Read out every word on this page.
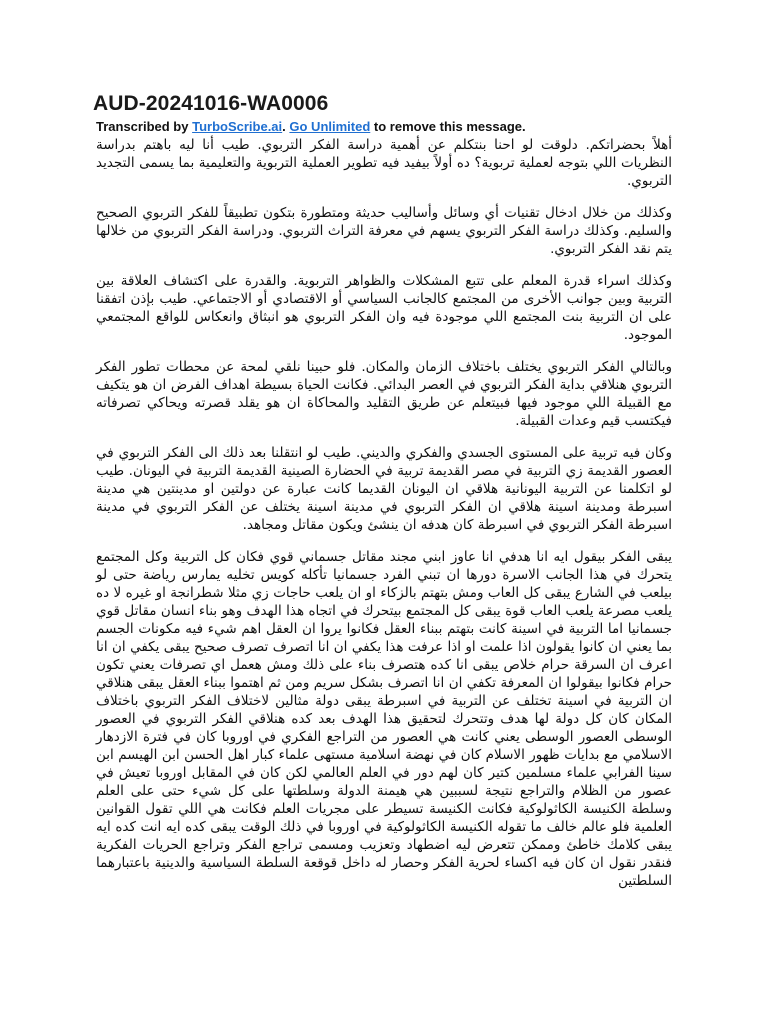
AUD-20241016-WA0006
Transcribed by TurboScribe.ai. Go Unlimited to remove this message.

أهلاً بحضراتكم. دلوقت لو احنا بنتكلم عن أهمية دراسة الفكر التربوي. طيب أنا ليه باهتم بدراسة النظريات اللي بتوجه لعملية تربوية؟ ده أولاً بيفيد فيه تطوير العملية التربوية والتعليمية بما يسمى التجديد التربوي.

وكذلك من خلال ادخال تقنيات أي وسائل وأساليب حديثة ومتطورة بتكون تطبيقاً للفكر التربوي الصحيح والسليم. وكذلك دراسة الفكر التربوي يسهم في معرفة التراث التربوي. ودراسة الفكر التربوي من خلالها يتم نقد الفكر التربوي.

وكذلك اسراء قدرة المعلم على تتبع المشكلات والظواهر التربوية. والقدرة على اكتشاف العلاقة بين التربية وبين جوانب الأخرى من المجتمع كالجانب السياسي أو الاقتصادي أو الاجتماعي. طيب بإذن اتفقنا على ان التربية بنت المجتمع اللي موجودة فيه وان الفكر التربوي هو انبثاق وانعكاس للواقع المجتمعي الموجود.

وبالتالي الفكر التربوي يختلف باختلاف الزمان والمكان. فلو حبينا نلقي لمحة عن محطات تطور الفكر التربوي هنلاقي بداية الفكر التربوي في العصر البدائي. فكانت الحياة بسيطة اهداف الفرض ان هو يتكيف مع القبيلة اللي موجود فيها فبيتعلم عن طريق التقليد والمحاكاة ان هو يقلد قصرته ويحاكي تصرفاته فيكتسب قيم وعدات القبيلة.

وكان فيه تربية على المستوى الجسدي والفكري والديني. طيب لو انتقلنا بعد ذلك الى الفكر التربوي في العصور القديمة زي التربية في مصر القديمة تربية في الحضارة الصينية القديمة التربية في اليونان. طيب لو اتكلمنا عن التربية اليونانية هلاقي ان اليونان القديما كانت عبارة عن دولتين او مدينتين هي مدينة اسبرطة ومدينة اسينة هلاقي ان الفكر التربوي في مدينة اسينة يختلف عن الفكر التربوي في مدينة اسبرطة الفكر التربوي في اسبرطة كان هدفه ان ينشئ ويكون مقاتل ومجاهد.

يبقى الفكر بيقول ايه انا هدفي انا عاوز ابني مجند مقاتل جسماني قوي فكان كل التربية وكل المجتمع يتحرك في هذا الجانب الاسرة دورها ان تبني الفرد جسمانيا تأكله كويس تخليه يمارس رياضة حتى لو بيلعب في الشارع يبقى كل العاب ومش بتهتم بالزكاء او ان يلعب حاجات زي مثلا شطرانجة او غيره لا ده يلعب مصرعة يلعب العاب قوة يبقى كل المجتمع بيتحرك في اتجاه هذا الهدف وهو بناء انسان مقاتل قوي جسمانيا اما التربية في اسينة كانت بتهتم ببناء العقل فكانوا يروا ان العقل اهم شيء فيه مكونات الجسم بما يعني ان كانوا يقولون اذا علمت او اذا عرفت هذا يكفي ان انا اتصرف تصرف صحيح يبقى يكفي ان انا اعرف ان السرقة حرام خلاص يبقى انا كده هتصرف بناء على ذلك ومش هعمل اي تصرفات يعني تكون حرام فكانوا بيقولوا ان المعرفة تكفي ان انا اتصرف بشكل سريم ومن ثم اهتموا ببناء العقل يبقى هنلاقي ان التربية في اسينة تختلف عن التربية في اسبرطة يبقى دولة مثالين لاختلاف الفكر التربوي باختلاف المكان كان كل دولة لها هدف وتتحرك لتحقيق هذا الهدف بعد كده هنلاقي الفكر التربوي في العصور الوسطى العصور الوسطى يعني كانت هي العصور من التراجع الفكري في اوروبا كان في فترة الازدهار الاسلامي مع بدايات ظهور الاسلام كان في نهضة اسلامية مستهى علماء كبار اهل الحسن ابن الهيسم ابن سينا الفرابي علماء مسلمين كتير كان لهم دور في العلم العالمي لكن كان في المقابل اوروبا تعيش في عصور من الظلام والتراجع نتيجة لسببين هي هيمنة الدولة وسلطتها على كل شيء حتى على العلم وسلطة الكنيسة الكاثولوكية فكانت الكنيسة تسيطر على مجريات العلم فكانت هي اللي تقول القوانين العلمية فلو عالم خالف ما تقوله الكنيسة الكاثولوكية في اوروبا في ذلك الوقت يبقى كده ايه انت كده ايه يبقى كلامك خاطئ وممكن تتعرض ليه اضطهاد وتعزيب ومسمى تراجع الفكر وتراجع الحريات الفكرية فنقدر نقول ان كان فيه اكساء لحرية الفكر وحصار له داخل قوقعة السلطة السياسية والدينية باعتبارهما السلطتين
